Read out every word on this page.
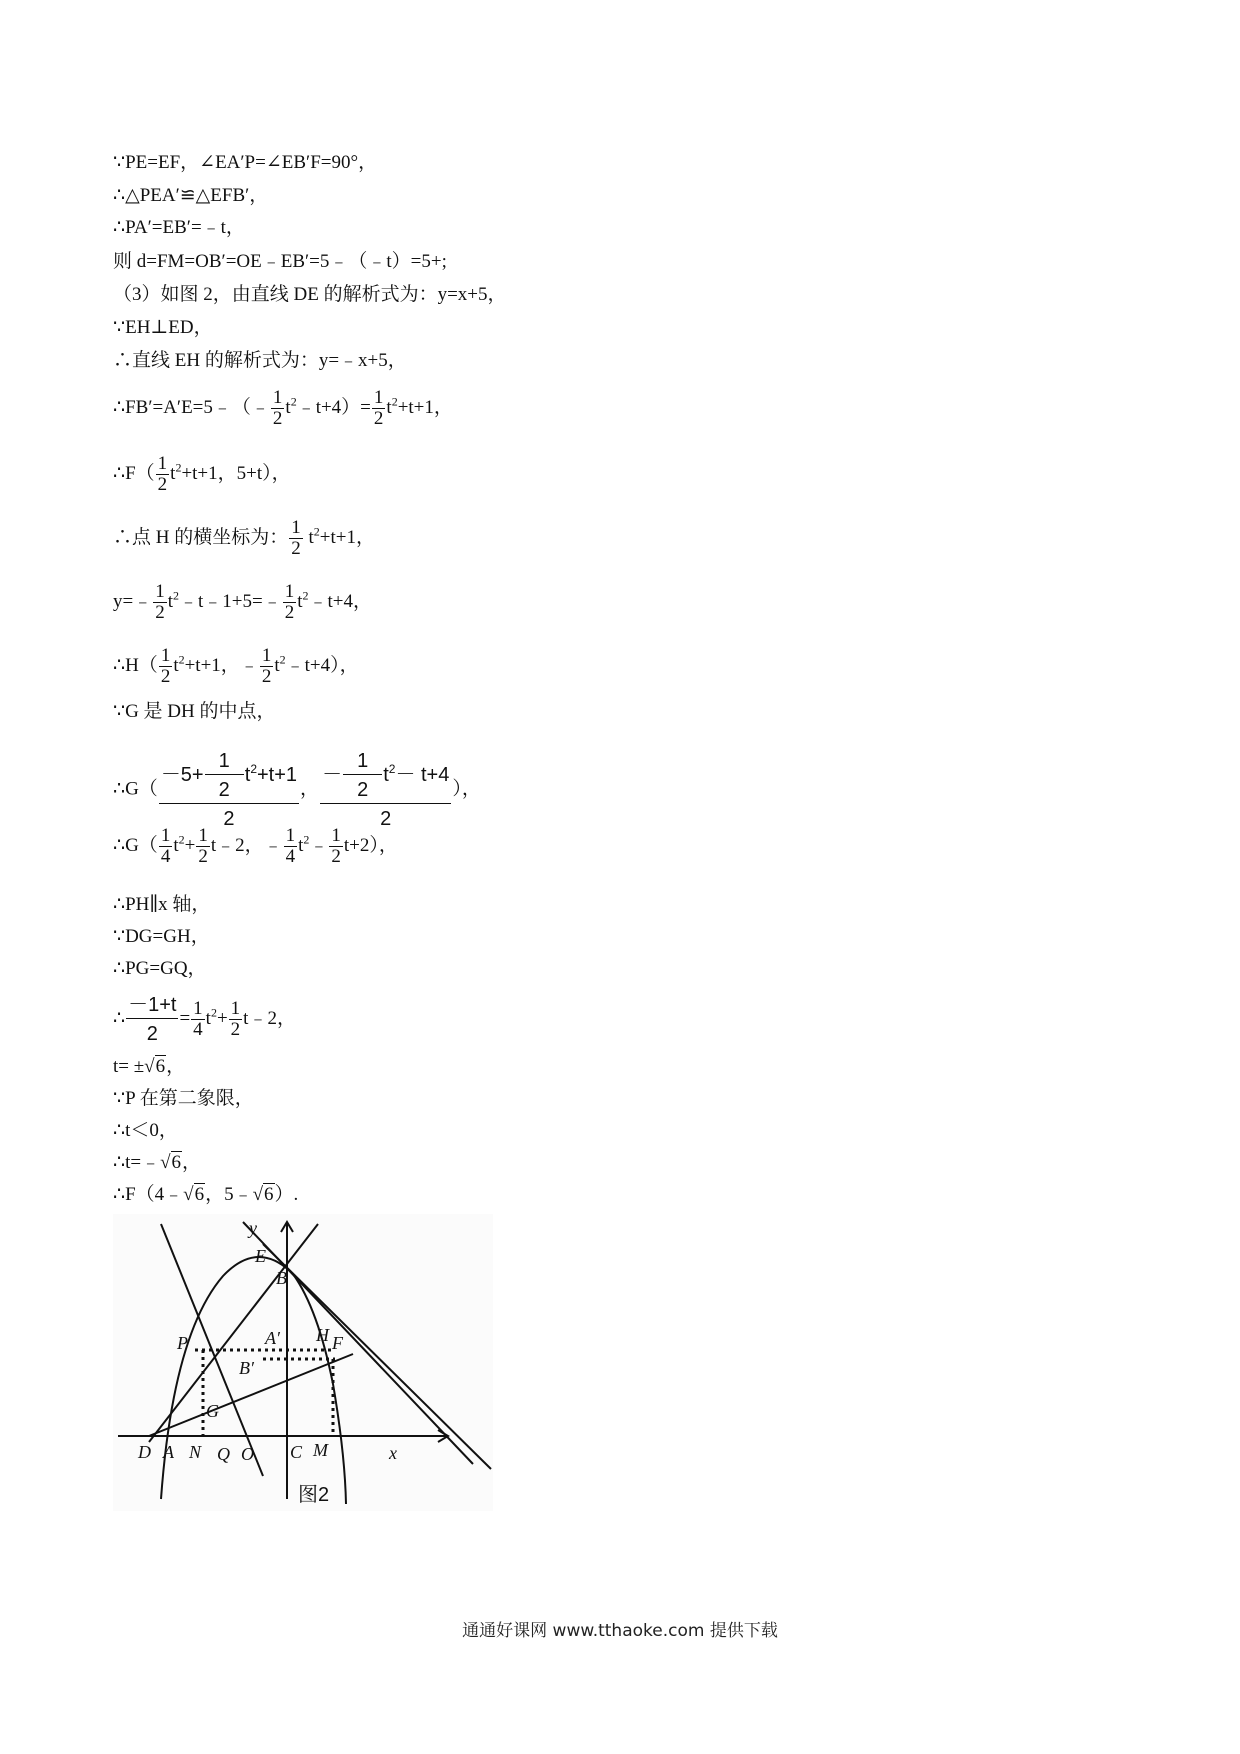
∵PE=EF，∠EA′P=∠EB′F=90°，
∴△PEA′≌△EFB′，
∴PA′=EB′=﹣t，
则 d=FM=OB′=OE﹣EB′=5﹣（﹣t）=5+;
（3）如图 2，由直线 DE 的解析式为：y=x+5，
∵EH⊥ED，
∴直线 EH 的解析式为：y=﹣x+5，
∴FB′=A′E=5﹣（﹣ $\frac{1}{2}$ $t^2﹣t+4)= \frac{1}{2} t^2+t+1$，
∴F（ $\frac{1}{2} t^2+t+1$，5+t），
∴点 H 的横坐标为： $\frac{1}{2} t^2+t+1$，
y=﹣ $\frac{1}{2}$ $t^2﹣t﹣1+5=﹣ \frac{1}{2}$ $t^2﹣t+4$，
∴H（ $\frac{1}{2} t^2+t+1$，﹣ $\frac{1}{2}$ $t^2﹣t+4$），
∵G 是 DH 的中点，
∴G（ $\frac{-5+ \frac{1}{2} t^2+t+1}{2}$ ， $\frac{- \frac{1}{2} t^2- t+4}{2}$ ），
∴G（ $\frac{1}{4} t^2+ \frac{1}{2}$ t﹣2，﹣ $\frac{1}{4}$ $t^2﹣ \frac{1}{2} t+2$），
∴PH∥x 轴，
∵DG=GH，
∴PG=GQ，
∴ $\frac{-1+t}{2} = \frac{1}{4} t^2+ \frac{1}{2}$ t﹣2，
t= ±√6，
∵P 在第二象限，
∴t＜0，
∴t=﹣√6，
∴F（4﹣√6，5﹣√6）.
y
E
B
P	A′
B′
H F
G
D A N Q O C M	x
图2
通通好课网 www.tthaoke.com 提供下载
